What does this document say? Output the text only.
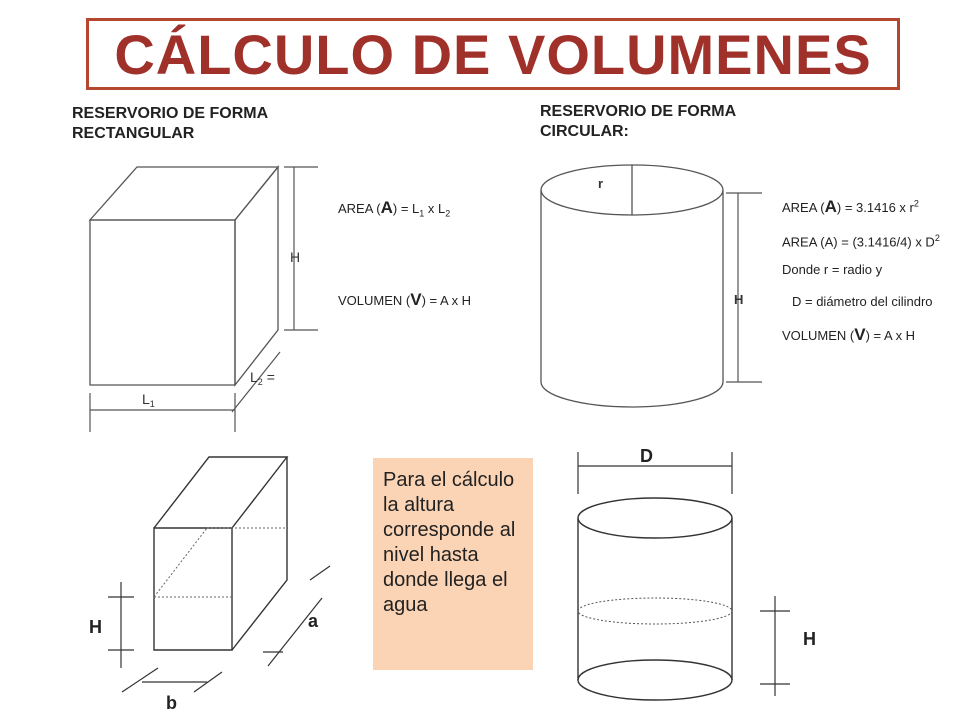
CÁLCULO DE VOLUMENES
RESERVORIO DE FORMA
RECTANGULAR
RESERVORIO DE FORMA
CIRCULAR:
AREA $(A) = L_1$ x $L_2$
VOLUMEN (V) = A x H
AREA (A) = 3.1416 x $r^2$
AREA (A) = (3.1416/4) x $D^2$
Donde r = radio y
D = diámetro del cilindro
VOLUMEN (V) = A x H
H
$L_1$
$L_2$ =
r
H
H	a
b
D
H
Para el cálculo la altura corresponde al nivel hasta donde llega el agua
